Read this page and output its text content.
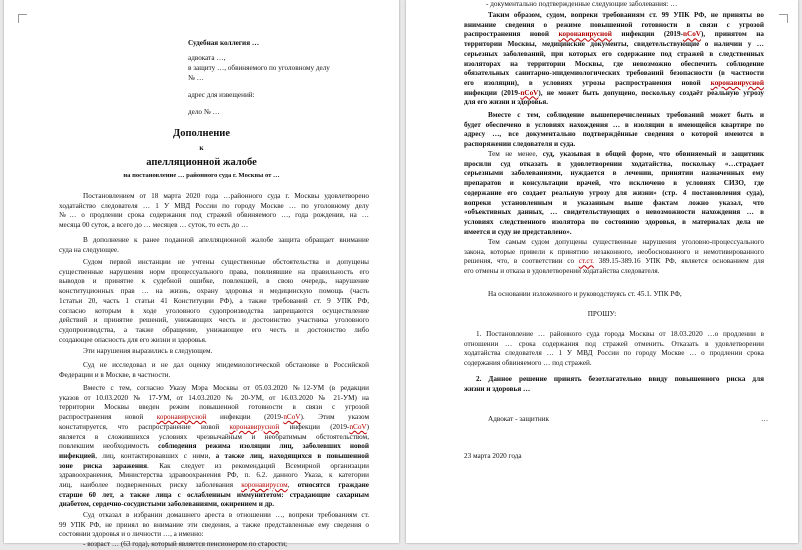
Судебная коллегия …
адвоката …,
в защиту …, обвиняемого по уголовному делу
№ …
адрес для извещений:
дело № …
Дополнение
к
апелляционной жалобе
на постановление … районного суда г. Москвы от …
Постановлением от 18 марта 2020 года …районного суда г. Москвы удовлетворено
ходатайство следователя … 1 У МВД России по городу Москве … по уголовному делу
№… о продлении срока содержания под стражей обвиняемого …, года рождения, на …
месяца 00 суток, а всего до … месяцев … суток, то есть до …
В дополнение к ранее поданной апелляционной жалобе защита обращает внимание
суда на следующее.
Судом первой инстанции не учтены существенные обстоятельства и допущены
существенные нарушения норм процессуального права, повлиявшие на правильность его
выводов и принятие к судебной ошибке, повлекшей, в свою очередь, нарушение
конституционных прав … на жизнь, охрану здоровья и медицинскую помощь (часть
1статьи 20, часть 1 статьи 41 Конституции РФ), а также требований ст. 9 УПК РФ,
согласно которым в ходе уголовного судопроизводства запрещаются осуществление
действий и принятие решений, унижающих честь и достоинство участника уголовного
судопроизводства, а также обращение, унижающее его честь и достоинство либо
создающее опасность для его жизни и здоровья.
Эти нарушения выразились в следующем.
Суд не исследовал и не дал оценку эпидемиологической обстановке в Российской
Федерации и в Москве, в частности.
Вместе с тем, согласно Указу Мэра Москвы от 05.03.2020 №12-УМ (в редакции
указов от 10.03.2020 № 17-УМ, от 14.03.2020 № 20-УМ, от 16.03.2020 № 21-УМ) на
территории Москвы введен режим повышенной готовности в связи с угрозой
распространения новой коронавирусной инфекции (2019-nCoV). Этим указом
констатируется, что распространение новой коронавирусной инфекции (2019-nCoV)
является в сложившихся условиях чрезвычайным и необратимым обстоятельством,
повлекшим необходимость соблюдения режима изоляции лиц, заболевших новой
инфекцией, лиц, контактировавших с ними, а также лиц, находящихся в повышенной
зоне риска заражения. Как следует из рекомендаций Всемирной организации
здравоохранения, Министерства здравоохранения РФ, п. 6.2. данного Указа, к категории
лиц, наиболее подверженных риску заболевания коронавирусом, относятся граждане
старше 60 лет, а также лица с ослабленным иммунитетом: страдающие сахарным
диабетом, сердечно-сосудистыми заболеваниями, ожирением и др.
Суд отказал в избрании домашнего ареста в отношении …, вопреки требованиям ст.
99 УПК РФ, не принял во внимание эти сведения, а также представленные ему сведения о
состоянии здоровья и о личности …, а именно:
- возраст … (63 года), который является пенсионером по старости;
- документально подтвержденные следующие заболевания: …
Таким образом, судом, вопреки требованиям ст. 99 УПК РФ, не приняты во
внимание сведения о режиме повышенной готовности в связи с угрозой
распространения новой коронавирусной инфекции (2019-nCoV), принятом на
территории Москвы, медицинские документы, свидетельствующие о наличии у …
серьезных заболеваний, при которых его содержание под стражей в следственных
изоляторах на территории Москвы, где невозможно обеспечить соблюдение
обязательных санитарно-эпидемиологических требований безопасности (в частности
его изоляции), в условиях угрозы распространения новой коронавирусной
инфекции (2019-nCoV), не может быть допущено, поскольку создаёт реальную угрозу
для его жизни и здоровья.
Вместе с тем, соблюдение вышеперечисленных требований может быть и
будет обеспечено в условиях нахождения … в изоляции в имеющейся квартире по
адресу …, все документально подтверждённые сведения о которой имеются в
распоряжении следователя и суда.
Тем не менее, суд, указывая в общей форме, что обвиняемый и защитник
просили суд отказать в удовлетворении ходатайства, поскольку «…страдает
серьезными заболеваниями, нуждается в лечении, принятии назначенных ему
препаратов и консультации врачей, что исключено в условиях СИЗО, где
содержание его создает реальную угрозу для жизни» (стр. 4 постановления суда),
вопреки установленным и указанным выше фактам ложно указал, что
«объективных данных, … свидетельствующих о невозможности нахождения … в
условиях следственного изолятора по состоянию здоровья, в материалах дела не
имеется и суду не представлено».
Тем самым судом допущены существенные нарушения уголовно-процессуального
закона, которые привели к принятию незаконного, необоснованного и немотивированного
решения, что, в соответствии со ст.ст. 389.15-389.16 УПК РФ, является основанием для
его отмены и отказа в удовлетворении ходатайства следователя.
На основании изложенного и руководствуясь ст. 45.1. УПК РФ,
ПРОШУ:
1. Постановление … районного суда города Москвы от 18.03.2020 …о продлении в
отношении … срока содержания под стражей отменить. Отказать в удовлетворении
ходатайства следователя … 1 У МВД России по городу Москве … о продлении срока
содержания обвиняемого … под стражей.
2. Данное решение принять безотлагательно ввиду повышенного риска для
жизни и здоровья …
Адвокат - защитник	…
23 марта 2020 года
